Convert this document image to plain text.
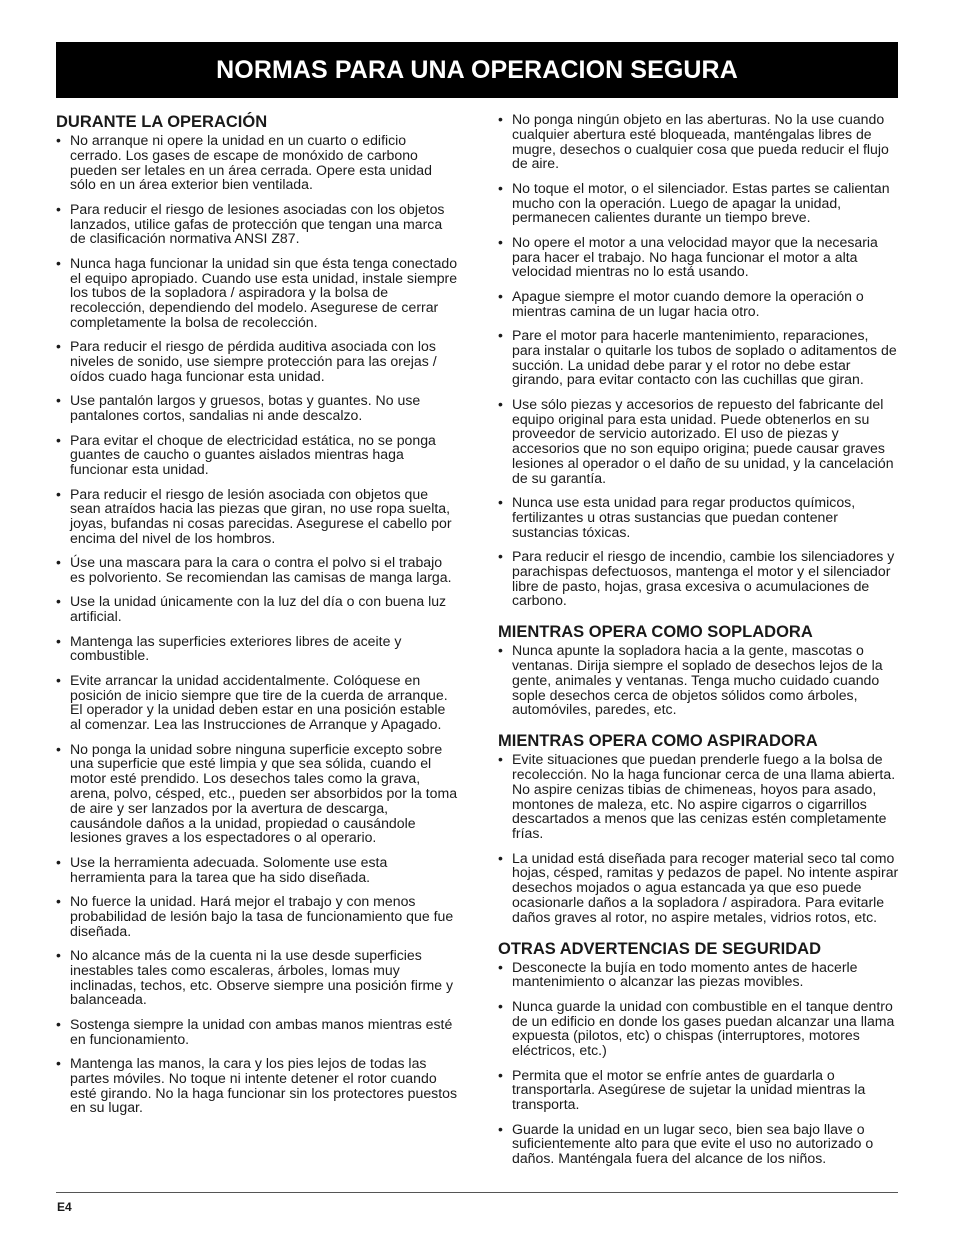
NORMAS PARA UNA OPERACION SEGURA
DURANTE LA OPERACIÓN
• No arranque ni opere la unidad en un cuarto o edificio cerrado. Los gases de escape de monóxido de carbono pueden ser letales en un área cerrada. Opere esta unidad sólo en un área exterior bien ventilada.
• Para reducir el riesgo de lesiones asociadas con los objetos lanzados, utilice gafas de protección que tengan una marca de clasificación normativa ANSI Z87.
• Nunca haga funcionar la unidad sin que ésta tenga conectado el equipo apropiado. Cuando use esta unidad, instale siempre los tubos de la sopladora / aspiradora y la bolsa de recolección, dependiendo del modelo. Asegurese de cerrar completamente la bolsa de recolección.
• Para reducir el riesgo de pérdida auditiva asociada con los niveles de sonido, use siempre protección para las orejas / oídos cuado haga funcionar esta unidad.
• Use pantalón largos y gruesos, botas y guantes. No use pantalones cortos, sandalias ni ande descalzo.
• Para evitar el choque de electricidad estática, no se ponga guantes de caucho o guantes aislados mientras haga funcionar esta unidad.
• Para reducir el riesgo de lesión asociada con objetos que sean atraídos hacia las piezas que giran, no use ropa suelta, joyas, bufandas ni cosas parecidas. Asegurese el cabello por encima del nivel de los hombros.
• Úse una mascara para la cara o contra el polvo si el trabajo es polvoriento. Se recomiendan las camisas de manga larga.
• Use la unidad únicamente con la luz del día o con buena luz artificial.
• Mantenga las superficies exteriores libres de aceite y combustible.
• Evite arrancar la unidad accidentalmente. Colóquese en posición de inicio siempre que tire de la cuerda de arranque. El operador y la unidad deben estar en una posición estable al comenzar. Lea las Instrucciones de Arranque y Apagado.
• No ponga la unidad sobre ninguna superficie excepto sobre una superficie que esté limpia y que sea sólida, cuando el motor esté prendido. Los desechos tales como la grava, arena, polvo, césped, etc., pueden ser absorbidos por la toma de aire y ser lanzados por la avertura de descarga, causándole daños a la unidad, propiedad o causándole lesiones graves a los espectadores o al operario.
• Use la herramienta adecuada. Solomente use esta herramienta para la tarea que ha sido diseñada.
• No fuerce la unidad. Hará mejor el trabajo y con menos probabilidad de lesión bajo la tasa de funcionamiento que fue diseñada.
• No alcance más de la cuenta ni la use desde superficies inestables tales como escaleras, árboles, lomas muy inclinadas, techos, etc. Observe siempre una posición firme y balanceada.
• Sostenga siempre la unidad con ambas manos mientras esté en funcionamiento.
• Mantenga las manos, la cara y los pies lejos de todas las partes móviles. No toque ni intente detener el rotor cuando esté girando. No la haga funcionar sin los protectores puestos en su lugar.
• No ponga ningún objeto en las aberturas. No la use cuando cualquier abertura esté bloqueada, manténgalas libres de mugre, desechos o cualquier cosa que pueda reducir el flujo de aire.
• No toque el motor, o el silenciador. Estas partes se calientan mucho con la operación. Luego de apagar la unidad, permanecen calientes durante un tiempo breve.
• No opere el motor a una velocidad mayor que la necesaria para hacer el trabajo. No haga funcionar el motor a alta velocidad mientras no lo está usando.
• Apague siempre el motor cuando demore la operación o mientras camina de un lugar hacia otro.
• Pare el motor para hacerle mantenimiento, reparaciones, para instalar o quitarle los tubos de soplado o aditamentos de succión. La unidad debe parar y el rotor no debe estar girando, para evitar contacto con las cuchillas que giran.
• Use sólo piezas y accesorios de repuesto del fabricante del equipo original para esta unidad. Puede obtenerlos en su proveedor de servicio autorizado. El uso de piezas y accesorios que no son equipo origina; puede causar graves lesiones al operador o el daño de su unidad, y la cancelación de su garantía.
• Nunca use esta unidad para regar productos químicos, fertilizantes u otras sustancias que puedan contener sustancias tóxicas.
• Para reducir el riesgo de incendio, cambie los silenciadores y parachispas defectuosos, mantenga el motor y el silenciador libre de pasto, hojas, grasa excesiva o acumulaciones de carbono.
MIENTRAS OPERA COMO SOPLADORA
• Nunca apunte la sopladora hacia a la gente, mascotas o ventanas. Dirija siempre el soplado de desechos lejos de la gente, animales y ventanas. Tenga mucho cuidado cuando sople desechos cerca de objetos sólidos como árboles, automóviles, paredes, etc.
MIENTRAS OPERA COMO ASPIRADORA
• Evite situaciones que puedan prenderle fuego a la bolsa de recolección. No la haga funcionar cerca de una llama abierta. No aspire cenizas tibias de chimeneas, hoyos para asado, montones de maleza, etc. No aspire cigarros o cigarrillos descartados a menos que las cenizas estén completamente frías.
• La unidad está diseñada para recoger material seco tal como hojas, césped, ramitas y pedazos de papel. No intente aspirar desechos mojados o agua estancada ya que eso puede ocasionarle daños a la sopladora / aspiradora. Para evitarle daños graves al rotor, no aspire metales, vidrios rotos, etc.
OTRAS ADVERTENCIAS DE SEGURIDAD
• Desconecte la bujía en todo momento antes de hacerle mantenimiento o alcanzar las piezas movibles.
• Nunca guarde la unidad con combustible en el tanque dentro de un edificio en donde los gases puedan alcanzar una llama expuesta (pilotos, etc) o chispas (interruptores, motores eléctricos, etc.)
• Permita que el motor se enfríe antes de guardarla o transportarla. Asegúrese de sujetar la unidad mientras la transporta.
• Guarde la unidad en un lugar seco, bien sea bajo llave o suficientemente alto para que evite el uso no autorizado o daños. Manténgala fuera del alcance de los niños.
E4
